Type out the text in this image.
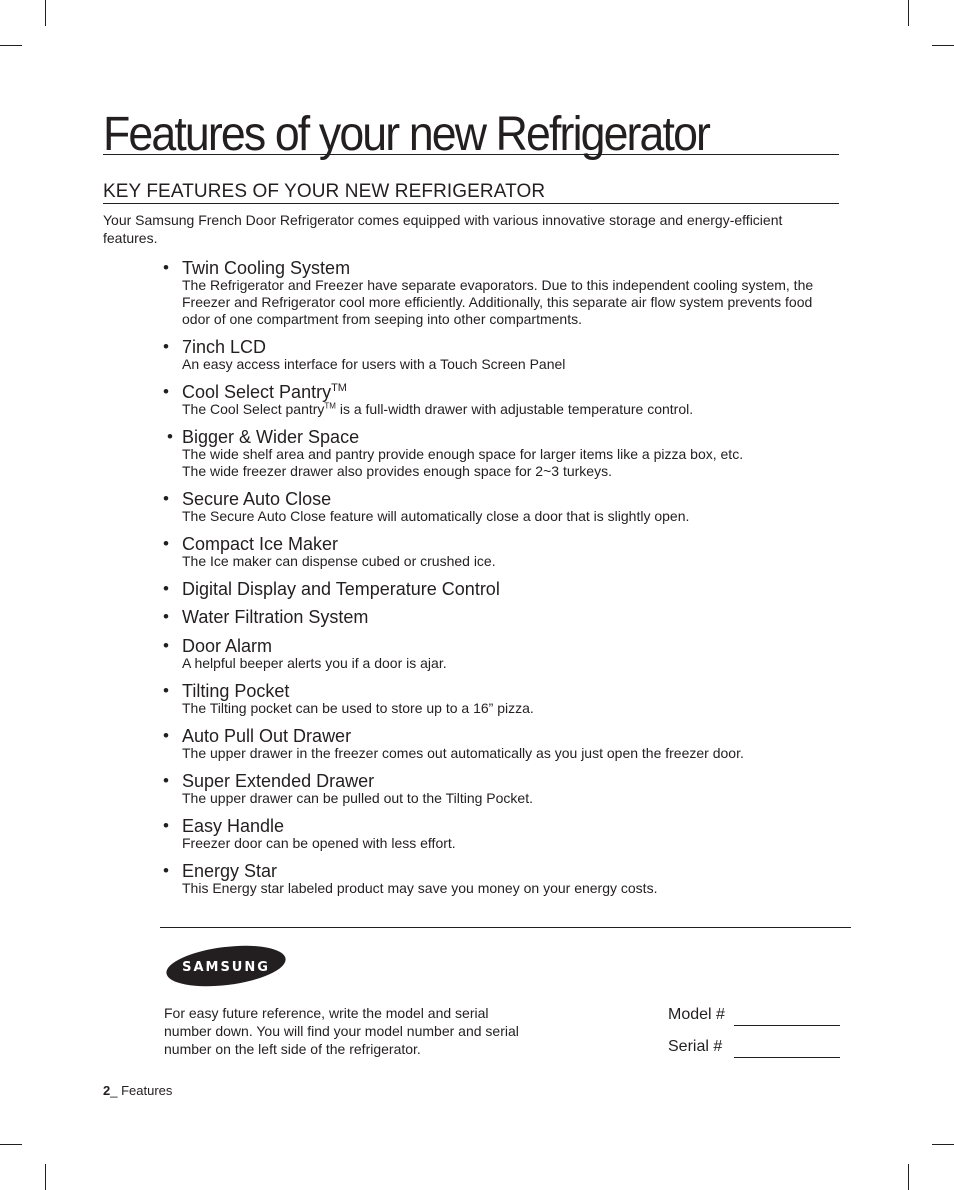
Features of your new Refrigerator
KEY FEATURES OF YOUR NEW REFRIGERATOR

Your Samsung French Door Refrigerator comes equipped with various innovative storage and energy-efficient features.

• Twin Cooling System

The Refrigerator and Freezer have separate evaporators. Due to this independent cooling system, the Freezer and Refrigerator cool more efficiently. Additionally, this separate air flow system prevents food odor of one compartment from seeping into other compartments.

• 7inch LCD

An easy access interface for users with a Touch Screen Panel

• Cool Select Pantry™

The Cool Select pantry™ is a full-width drawer with adjustable temperature control.

• Bigger & Wider Space

The wide shelf area and pantry provide enough space for larger items like a pizza box, etc.
The wide freezer drawer also provides enough space for 2~3 turkeys.

• Secure Auto Close

The Secure Auto Close feature will automatically close a door that is slightly open.

• Compact Ice Maker

The Ice maker can dispense cubed or crushed ice.

• Digital Display and Temperature Control
• Water Filtration System
• Door Alarm

A helpful beeper alerts you if a door is ajar.

• Tilting Pocket

The Tilting pocket can be used to store up to a 16” pizza.

• Auto Pull Out Drawer

The upper drawer in the freezer comes out automatically as you just open the freezer door.

• Super Extended Drawer

The upper drawer can be pulled out to the Tilting Pocket.

• Easy Handle

Freezer door can be opened with less effort.

• Energy Star

This Energy star labeled product may save you money on your energy costs.

SAMSUNG

For easy future reference, write the model and serial number down. You will find your model number and serial number on the left side of the refrigerator.

Model #
Serial #
2_ Features
